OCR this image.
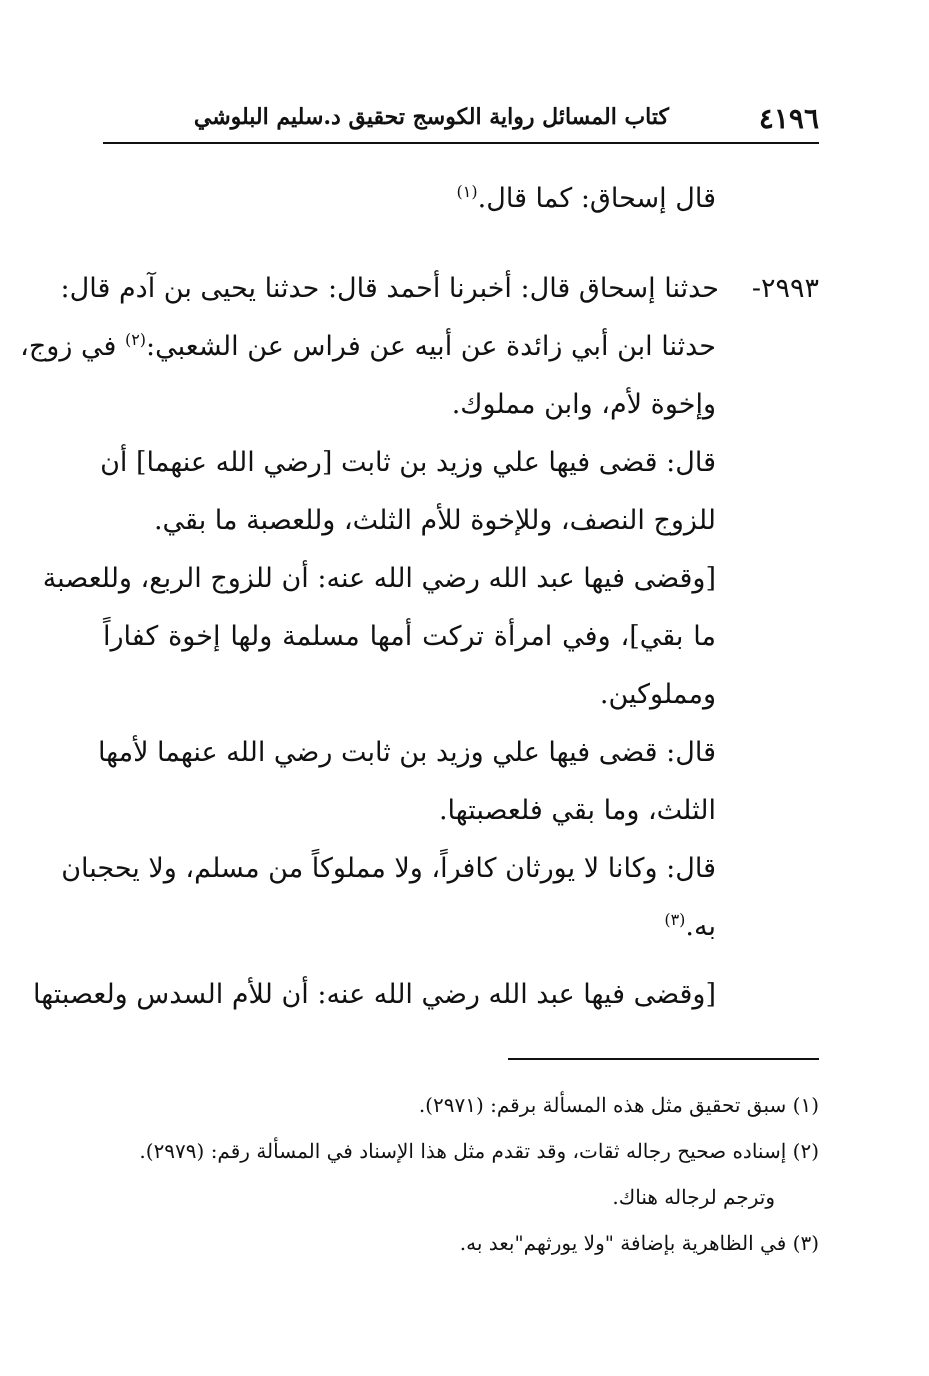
٤١٩٦
كتاب المسائل رواية الكوسج تحقيق د.سليم البلوشي
قال إسحاق: كما قال.$^{(١)}$
٢٩٩٣-حدثنا إسحاق قال: أخبرنا أحمد قال: حدثنا يحيى بن آدم قال:
حدثنا ابن أبي زائدة عن أبيه عن فراس عن الشعبي:$^{(٢)}$ في زوج،
وإخوة لأم، وابن مملوك.
قال: قضى فيها علي وزيد بن ثابت [رضي الله عنهما] أن
للزوج النصف، وللإخوة للأم الثلث، وللعصبة ما بقي.
[وقضى فيها عبد الله رضي الله عنه: أن للزوج الربع، وللعصبة
ما بقي]، وفي امرأة تركت أمها مسلمة ولها إخوة كفاراً
ومملوكين.
قال: قضى فيها علي وزيد بن ثابت رضي الله عنهما لأمها
الثلث، وما بقي فلعصبتها.
قال: وكانا لا يورثان كافراً، ولا مملوكاً من مسلم، ولا يحجبان
به.$^{(٣)}$
[وقضى فيها عبد الله رضي الله عنه: أن للأم السدس ولعصبتها
(١) سبق تحقيق مثل هذه المسألة برقم: (٢٩٧١).
(٢) إسناده صحيح رجاله ثقات، وقد تقدم مثل هذا الإسناد في المسألة رقم: (٢٩٧٩).
وترجم لرجاله هناك.
(٣) في الظاهرية بإضافة "ولا يورثهم"بعد به.
